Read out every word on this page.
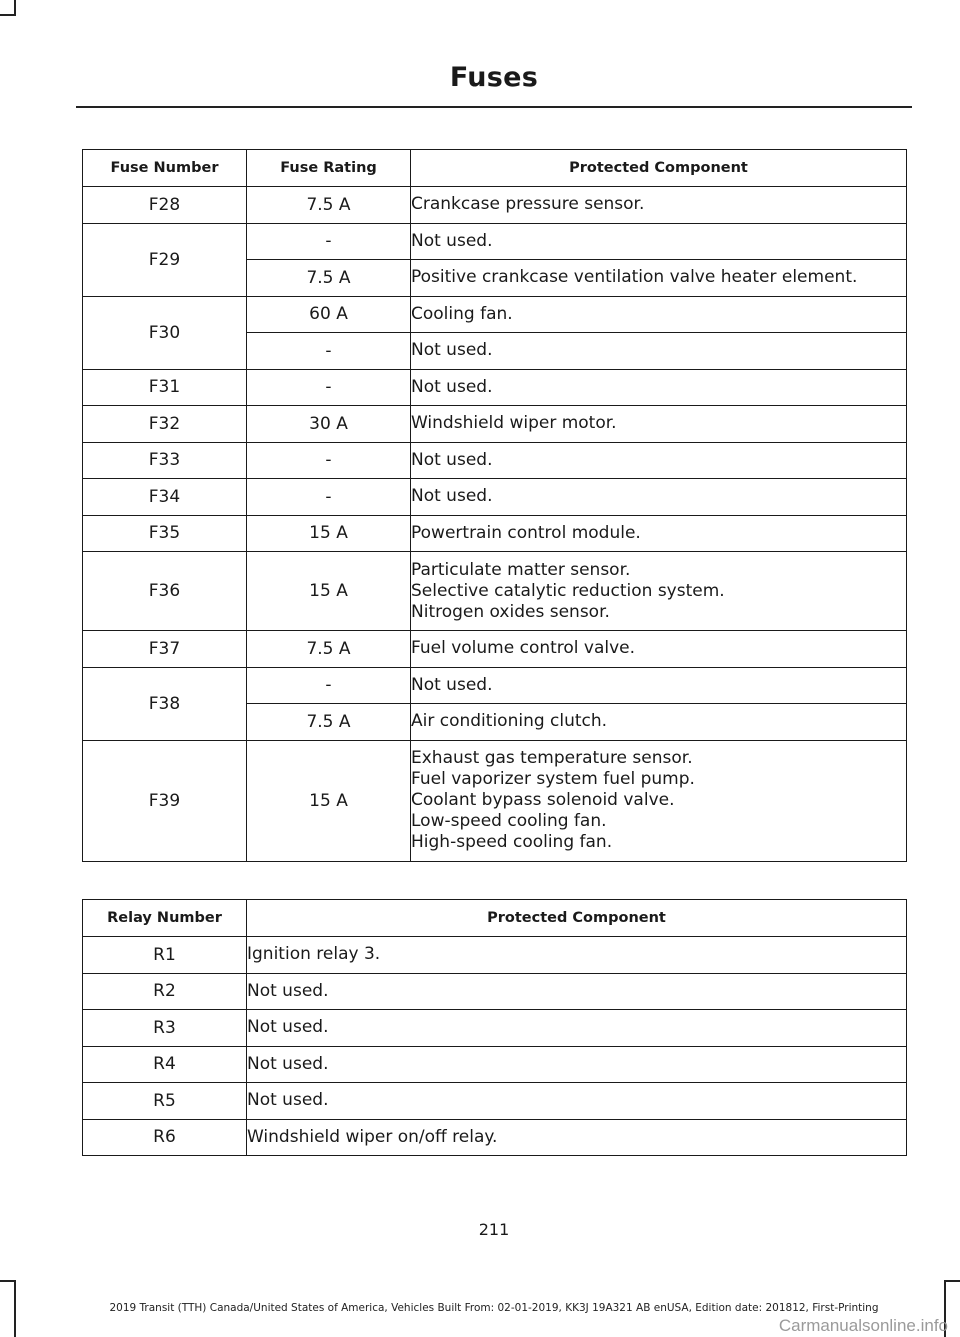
Fuses
Fuse Number	Fuse Rating	Protected Component
F28	7.5 A	Crankcase pressure sensor.
F29	-	Not used.
	7.5 A	Positive crankcase ventilation valve heater element.
F30	60 A	Cooling fan.
	-	Not used.
F31	-	Not used.
F32	30 A	Windshield wiper motor.
F33	-	Not used.
F34	-	Not used.
F35	15 A	Powertrain control module.
F36	15 A	Particulate matter sensor.
Selective catalytic reduction system.
Nitrogen oxides sensor.
F37	7.5 A	Fuel volume control valve.
F38	-	Not used.
	7.5 A	Air conditioning clutch.
F39	15 A	Exhaust gas temperature sensor.
Fuel vaporizer system fuel pump.
Coolant bypass solenoid valve.
Low-speed cooling fan.
High-speed cooling fan.
Relay Number	Protected Component
R1	Ignition relay 3.
R2	Not used.
R3	Not used.
R4	Not used.
R5	Not used.
R6	Windshield wiper on/off relay.
211
2019 Transit (TTH) Canada/United States of America, Vehicles Built From: 02-01-2019, KK3J 19A321 AB enUSA, Edition date: 201812, First-Printing
Carmanualsonline.info
